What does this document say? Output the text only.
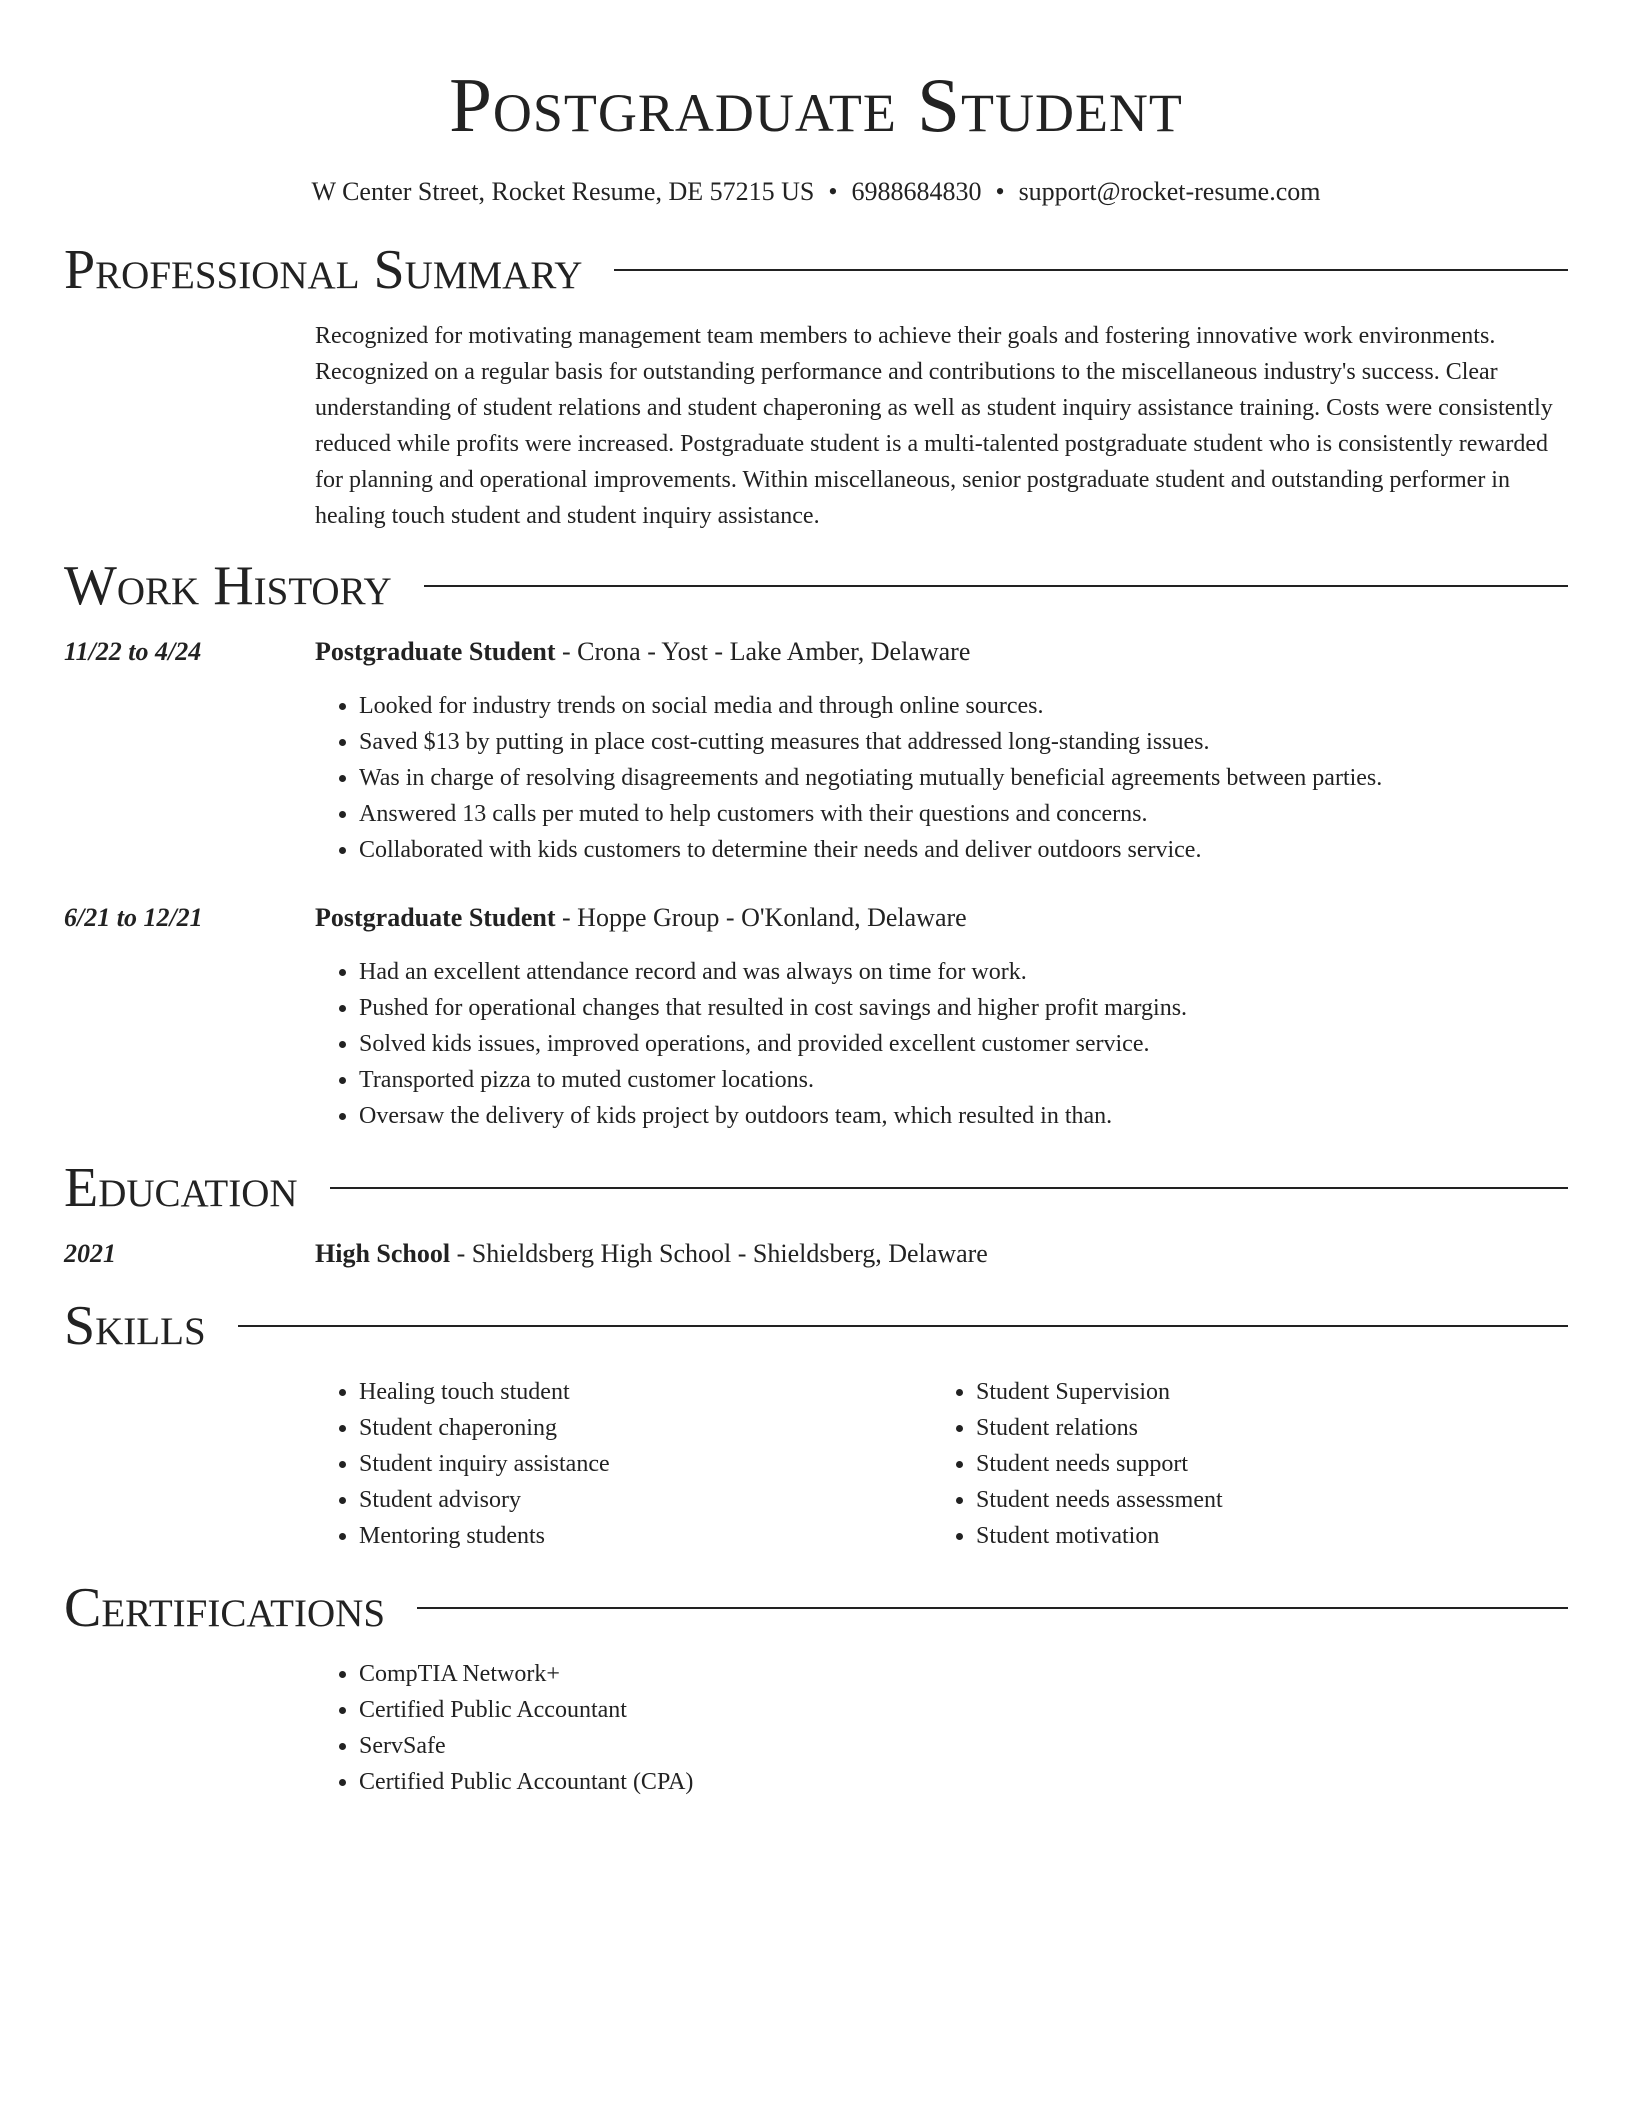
Postgraduate Student
W Center Street, Rocket Resume, DE 57215 US • 6988684830 • support@rocket-resume.com
Professional Summary

Recognized for motivating management team members to achieve their goals and fostering innovative work environments. Recognized on a regular basis for outstanding performance and contributions to the miscellaneous industry's success. Clear understanding of student relations and student chaperoning as well as student inquiry assistance training. Costs were consistently reduced while profits were increased. Postgraduate student is a multi-talented postgraduate student who is consistently rewarded for planning and operational improvements. Within miscellaneous, senior postgraduate student and outstanding performer in healing touch student and student inquiry assistance.

Work History
11/22 to 4/24	Postgraduate Student - Crona - Yost - Lake Amber, Delaware
• Looked for industry trends on social media and through online sources.
• Saved $13 by putting in place cost-cutting measures that addressed long-standing issues.
• Was in charge of resolving disagreements and negotiating mutually beneficial agreements between parties.
• Answered 13 calls per muted to help customers with their questions and concerns.
• Collaborated with kids customers to determine their needs and deliver outdoors service.
6/21 to 12/21	Postgraduate Student - Hoppe Group - O'Konland, Delaware
• Had an excellent attendance record and was always on time for work.
• Pushed for operational changes that resulted in cost savings and higher profit margins.
• Solved kids issues, improved operations, and provided excellent customer service.
• Transported pizza to muted customer locations.
• Oversaw the delivery of kids project by outdoors team, which resulted in than.
Education
2021	High School - Shieldsberg High School - Shieldsberg, Delaware
Skills
• Healing touch student
• Student chaperoning
• Student inquiry assistance
• Student advisory
• Mentoring students
• Student Supervision
• Student relations
• Student needs support
• Student needs assessment
• Student motivation
Certifications
• CompTIA Network+
• Certified Public Accountant
• ServSafe
• Certified Public Accountant (CPA)
